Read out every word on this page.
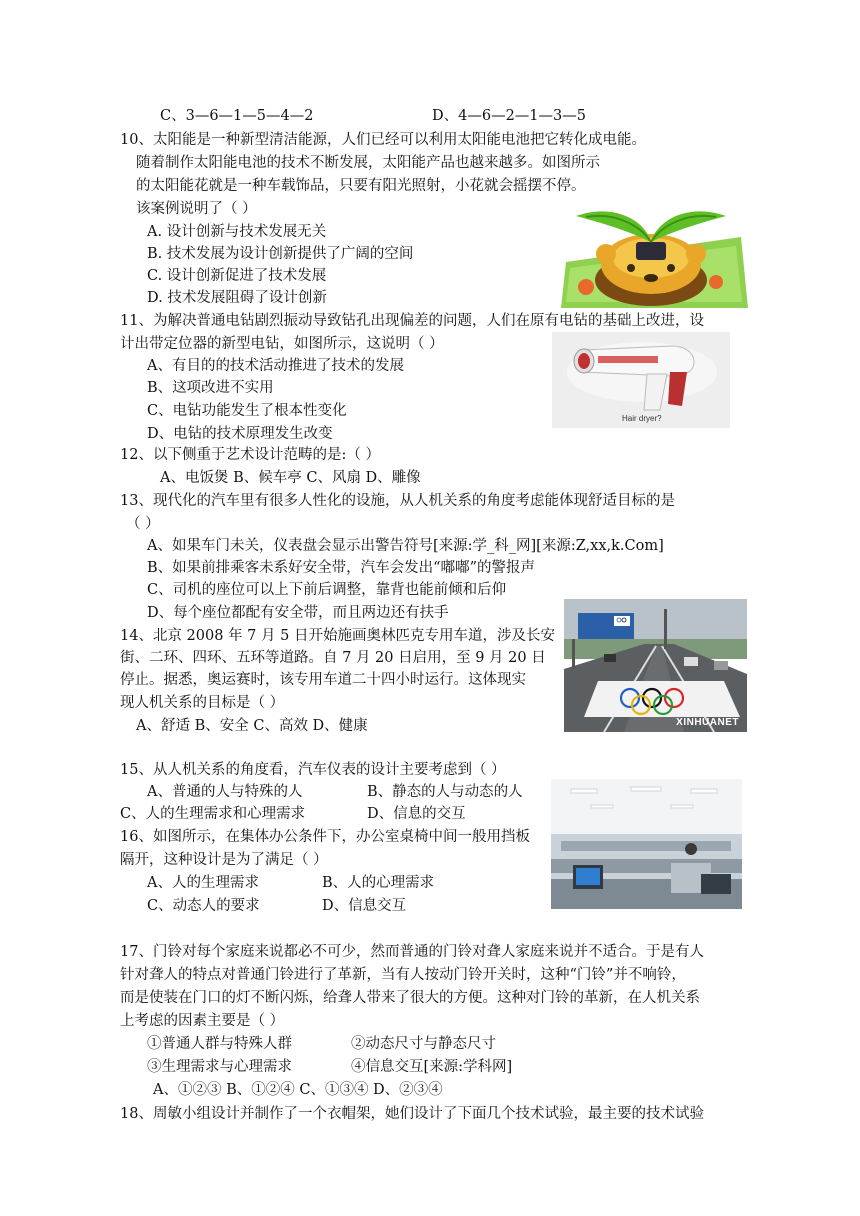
C、3—6—1—5—4—2	D、4—6—2—1—3—5
10、太阳能是一种新型清洁能源，人们已经可以利用太阳能电池把它转化成电能。
随着制作太阳能电池的技术不断发展，太阳能产品也越来越多。如图所示
的太阳能花就是一种车载饰品，只要有阳光照射，小花就会摇摆不停。
该案例说明了（ ）
A. 设计创新与技术发展无关
B. 技术发展为设计创新提供了广阔的空间
C. 设计创新促进了技术发展
D. 技术发展阻碍了设计创新
11、为解决普通电钻剧烈振动导致钻孔出现偏差的问题，人们在原有电钻的基础上改进，设
计出带定位器的新型电钻，如图所示，这说明（ ）
A、有目的的技术活动推进了技术的发展
B、这项改进不实用
C、电钻功能发生了根本性变化
D、电钻的技术原理发生改变
Hair dryer?
12、以下侧重于艺术设计范畴的是:（ ）
A、电饭煲 B、候车亭 C、风扇 D、雕像
13、现代化的汽车里有很多人性化的设施，从人机关系的角度考虑能体现舒适目标的是
（ ）
A、如果车门未关，仪表盘会显示出警告符号[来源:学_科_网][来源:Z,xx,k.Com]
B、如果前排乘客未系好安全带，汽车会发出“嘟嘟”的警报声
C、司机的座位可以上下前后调整，靠背也能前倾和后仰
D、每个座位都配有安全带，而且两边还有扶手
14、北京 2008 年 7 月 5 日开始施画奥林匹克专用车道，涉及长安
街、二环、四环、五环等道路。自 7 月 20 日启用，至 9 月 20 日
停止。据悉，奥运赛时，该专用车道二十四小时运行。这体现实
现人机关系的目标是（ ）
A、舒适 B、安全 C、高效 D、健康	XINHUANET
15、从人机关系的角度看，汽车仪表的设计主要考虑到（ ）
A、普通的人与特殊的人	B、静态的人与动态的人
C、人的生理需求和心理需求	D、信息的交互
16、如图所示，在集体办公条件下，办公室桌椅中间一般用挡板
隔开，这种设计是为了满足（ ）
A、人的生理需求	B、人的心理需求
C、动态人的要求	D、信息交互
17、门铃对每个家庭来说都必不可少，然而普通的门铃对聋人家庭来说并不适合。于是有人
针对聋人的特点对普通门铃进行了革新，当有人按动门铃开关时，这种“门铃”并不响铃，
而是使装在门口的灯不断闪烁，给聋人带来了很大的方便。这种对门铃的革新，在人机关系
上考虑的因素主要是（ ）
①普通人群与特殊人群	②动态尺寸与静态尺寸
③生理需求与心理需求	④信息交互[来源:学科网]
A、①②③ B、①②④ C、①③④ D、②③④
18、周敏小组设计并制作了一个衣帽架，她们设计了下面几个技术试验，最主要的技术试验
